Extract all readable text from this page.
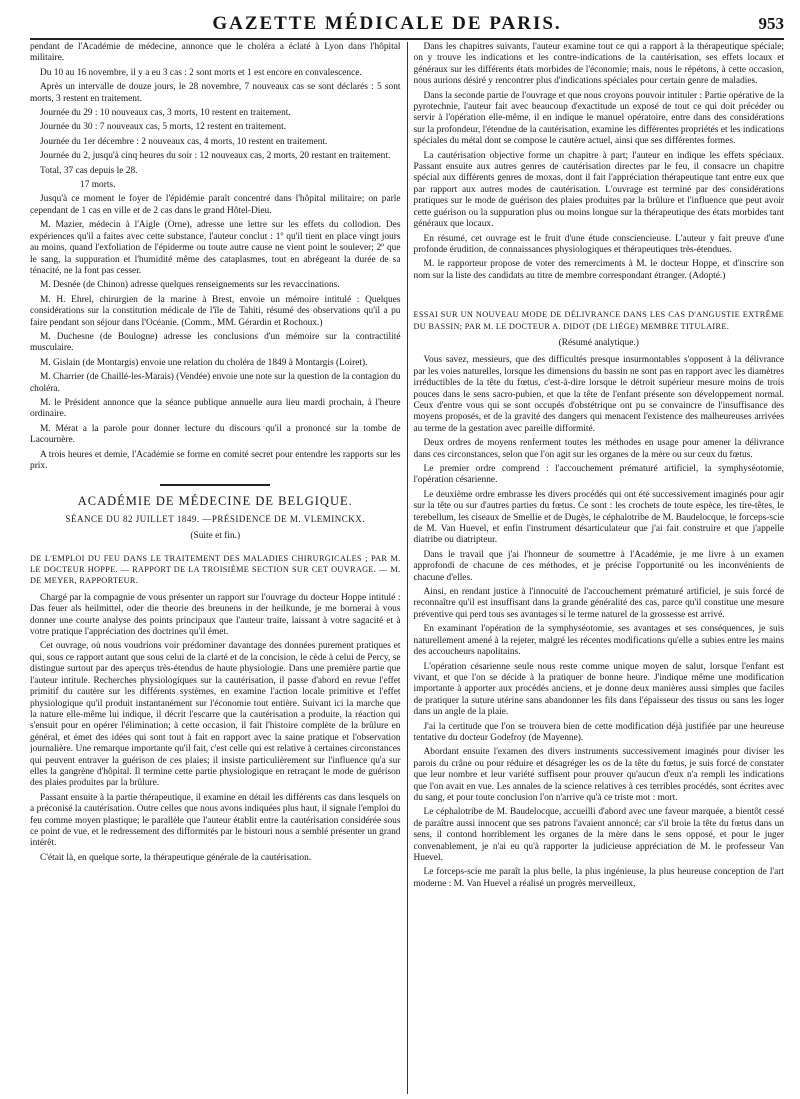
GAZETTE MÉDICALE DE PARIS.	953

pendant de l'Académie de médecine, annonce que le choléra a éclaté à Lyon dans l'hôpital militaire.

Du 10 au 16 novembre, il y a eu 3 cas : 2 sont morts et 1 est encore en convalescence.

Après un intervalle de douze jours, le 28 novembre, 7 nouveaux cas se sont déclarés : 5 sont morts, 3 restent en traitement.

Journée du 29 : 10 nouveaux cas, 3 morts, 10 restent en traitement.

Journée du 30 : 7 nouveaux cas, 5 morts, 12 restent en traitement.

Journée du 1er décembre : 2 nouveaux cas, 4 morts, 10 restent en traitement.

Journée du 2, jusqu'à cinq heures du soir : 12 nouveaux cas, 2 morts, 20 restant en traitement.

Total, 37 cas depuis le 28.

17 morts.

Jusqu'à ce moment le foyer de l'épidémie paraît concentré dans l'hôpital militaire; on parle cependant de 1 cas en ville et de 2 cas dans le grand Hôtel-Dieu.

M. Mazier, médecin à l'Aigle (Orne), adresse une lettre sur les effets du collodion. Des expériences qu'il a faites avec cette substance, l'auteur conclut : 1º qu'il tient en place vingt jours au moins, quand l'exfoliation de l'épiderme ou toute autre cause ne vient point le soulever; 2º que le sang, la suppuration et l'humidité même des cataplasmes, tout en abrégeant la durée de sa ténacité, ne la font pas cesser.

M. Desnée (de Chinon) adresse quelques renseignements sur les revaccinations.

M. H. Ehrel, chirurgien de la marine à Brest, envoie un mémoire intitulé : Quelques considérations sur la constitution médicale de l'île de Tahiti, résumé des observations qu'il a pu faire pendant son séjour dans l'Océanie. (Comm., MM. Gérardin et Rochoux.)

M. Duchesne (de Boulogne) adresse les conclusions d'un mémoire sur la contractilité musculaire.

M. Gislain (de Montargis) envoie une relation du choléra de 1849 à Montargis (Loiret).

M. Charrier (de Chaillé-les-Marais) (Vendée) envoie une note sur la question de la contagion du choléra.

M. le Président annonce que la séance publique annuelle aura lieu mardi prochain, à l'heure ordinaire.

M. Mérat a la parole pour donner lecture du discours qu'il a prononcé sur la tombe de Lacournère.

A trois heures et demie, l'Académie se forme en comité secret pour entendre les rapports sur les prix.

ACADÉMIE DE MÉDECINE DE BELGIQUE.
SÉANCE DU 82 JUILLET 1849. —PRÉSIDENCE DE M. VLEMINCKX.

(Suite et fin.)

DE L'EMPLOI DU FEU DANS LE TRAITEMENT DES MALADIES CHIRURGICALES ; PAR M. LE DOCTEUR HOPPE. — RAPPORT DE LA TROISIÈME SECTION SUR CET OUVRAGE. — M. DE MEYER, RAPPORTEUR.

Chargé par la compagnie de vous présenter un rapport sur l'ouvrage du docteur Hoppe intitulé : Das feuer als heilmittel, oder die theorie des breunens in der heilkunde, je me bornerai à vous donner une courte analyse des points principaux que l'auteur traite, laissant à votre sagacité et à votre pratique l'appréciation des doctrines qu'il émet.

Cet ouvrage, où nous voudrions voir prédominer davantage des données purement pratiques et qui, sous ce rapport autant que sous celui de la clarté et de la concision, le cède à celui de Percy, se distingue surtout par des aperçus très-étendus de haute physiologie. Dans une première partie que l'auteur intitule. Recherches physiologiques sur la cautérisation, il passe d'abord en revue l'effet primitif du cautère sur les différents systèmes, en examine l'action locale primitive et l'effet physiologique qu'il produit instantanément sur l'économie tout entière. Suivant ici la marche que la nature elle-même lui indique, il décrit l'escarre que la cautérisation a produite, la réaction qui s'ensuit pour en opérer l'élimination; à cette occasion, il fait l'histoire complète de la brûlure en général, et émet des idées qui sont tout à fait en rapport avec la saine pratique et l'observation journalière. Une remarque importante qu'il fait, c'est celle qui est relative à certaines circonstances qui peuvent entraver la guérison de ces plaies; il insiste particulièrement sur l'influence qu'a sur elles la gangrène d'hôpital. Il termine cette partie physiologique en retraçant le mode de guérison des plaies produites par la brûlure.

Passant ensuite à la partie thérapeutique, il examine en détail les différents cas dans lesquels on a préconisé la cautérisation. Outre celles que nous avons indiquées plus haut, il signale l'emploi du feu comme moyen plastique; le parallèle que l'auteur établit entre la cautérisation considérée sous ce point de vue, et le redressement des difformités par le bistouri nous a semblé présenter un grand intérêt.

C'était là, en quelque sorte, la thérapeutique générale de la cautérisation.

Dans les chapitres suivants, l'auteur examine tout ce qui a rapport à la thérapeutique spéciale; on y trouve les indications et les contre-indications de la cautérisation, ses effets locaux et généraux sur les différents états morbides de l'économie; mais, nous le répétons, à cette occasion, nous aurions désiré y rencontrer plus d'indications spéciales pour certain genre de maladies.

Dans la seconde partie de l'ouvrage et que nous croyons pouvoir intituler : Partie opérative de la pyrotechnie, l'auteur fait avec beaucoup d'exactitude un exposé de tout ce qui doit précéder ou servir à l'opération elle-même, il en indique le manuel opératoire, entre dans des considérations sur la profondeur, l'étendue de la cautérisation, examine les différentes propriétés et les indications spéciales du métal dont se compose le cautère actuel, ainsi que ses différentes formes.

La cautérisation objective forme un chapitre à part; l'auteur en indique les effets spéciaux. Passant ensuite aux autres genres de cautérisation directes par le feu, il consacre un chapitre spécial aux différents genres de moxas, dont il fait l'appréciation thérapeutique tant entre eux que par rapport aux autres modes de cautérisation. L'ouvrage est terminé par des considérations pratiques sur le mode de guérison des plaies produites par la brûlure et l'influence que peut avoir cette guérison ou la suppuration plus ou moins longue sur la thérapeutique des états morbides tant généraux que locaux.

En résumé, cet ouvrage est le fruit d'une étude consciencieuse. L'auteur y fait preuve d'une profonde érudition, de connaissances physiologiques et thérapeutiques très-étendues.

M. le rapporteur propose de voter des remerciments à M. le docteur Hoppe, et d'inscrire son nom sur la liste des candidats au titre de membre correspondant étranger. (Adopté.)

ESSAI SUR UN NOUVEAU MODE DE DÉLIVRANCE DANS LES CAS D'ANGUSTIE EXTRÊME DU BASSIN; PAR M. LE DOCTEUR A. DIDOT (DE LIÉGE) MEMBRE TITULAIRE.

(Résumé analytique.)

Vous savez, messieurs, que des difficultés presque insurmontables s'opposent à la délivrance par les voies naturelles, lorsque les dimensions du bassin ne sont pas en rapport avec les diamètres irréductibles de la tête du fœtus, c'est-à-dire lorsque le détroit supérieur mesure moins de trois pouces dans le sens sacro-pubien, et que la tête de l'enfant présente son développement normal. Ceux d'entre vous qui se sont occupés d'obstétrique ont pu se convaincre de l'insuffisance des moyens proposés, et de la gravité des dangers qui menacent l'existence des malheureuses arrivées au terme de la gestation avec pareille difformité.

Deux ordres de moyens renferment toutes les méthodes en usage pour amener la délivrance dans ces circonstances, selon que l'on agit sur les organes de la mère ou sur ceux du fœtus.

Le premier ordre comprend : l'accouchement prématuré artificiel, la symphyséotomie, l'opération césarienne.

Le deuxième ordre embrasse les divers procédés qui ont été successivement imaginés pour agir sur la tête ou sur d'autres parties du fœtus. Ce sont : les crochets de toute espèce, les tire-têtes, le terebellum, les ciseaux de Smellie et de Dugès, le céphalotribe de M. Baudelocque, le forceps-scie de M. Van Huevel, et enfin l'instrument désarticulateur que j'ai fait construire et que j'appelle diatribe ou diatripteur.

Dans le travail que j'ai l'honneur de soumettre à l'Académie, je me livre à un examen approfondi de chacune de ces méthodes, et je précise l'opportunité ou les inconvénients de chacune d'elles.

Ainsi, en rendant justice à l'innocuité de l'accouchement prématuré artificiel, je suis forcé de reconnaître qu'il est insuffisant dans la grande généralité des cas, parce qu'il constitue une mesure préventive qui perd tous ses avantages si le terme naturel de la grossesse est arrivé.

En examinant l'opération de la symphyséotomie, ses avantages et ses conséquences, je suis naturellement amené à la rejeter, malgré les récentes modifications qu'elle a subies entre les mains des accoucheurs napolitains.

L'opération césarienne seule nous reste comme unique moyen de salut, lorsque l'enfant est vivant, et que l'on se décide à la pratiquer de bonne heure. J'indique même une modification importante à apporter aux procédés anciens, et je donne deux manières aussi simples que faciles de pratiquer la suture utérine sans abandonner les fils dans l'épaisseur des tissus ou sans les loger dans un angle de la plaie.

J'ai la certitude que l'on se trouvera bien de cette modification déjà justifiée par une heureuse tentative du docteur Godefroy (de Mayenne).

Abordant ensuite l'examen des divers instruments successivement imaginés pour diviser les parois du crâne ou pour réduire et désagréger les os de la tête du fœtus, je suis forcé de constater que leur nombre et leur variété suffisent pour prouver qu'aucun d'eux n'a rempli les indications que l'on avait en vue. Les annales de la science relatives à ces terribles procédés, sont écrites avec du sang, et pour toute conclusion l'on n'arrive qu'à ce triste mot : mort.

Le céphalotribe de M. Baudelocque, accueilli d'abord avec une faveur marquée, a bientôt cessé de paraître aussi innocent que ses patrons l'avaient annoncé; car s'il broie la tête du fœtus dans un sens, il contond horriblement les organes de la mère dans le sens opposé, et pour le juger convenablement, je n'ai eu qu'à rapporter la judicieuse appréciation de M. le professeur Van Huevel.

Le forceps-scie me paraît la plus belle, la plus ingénieuse, la plus heureuse conception de l'art moderne : M. Van Huevel a réalisé un progrès merveilleux,
